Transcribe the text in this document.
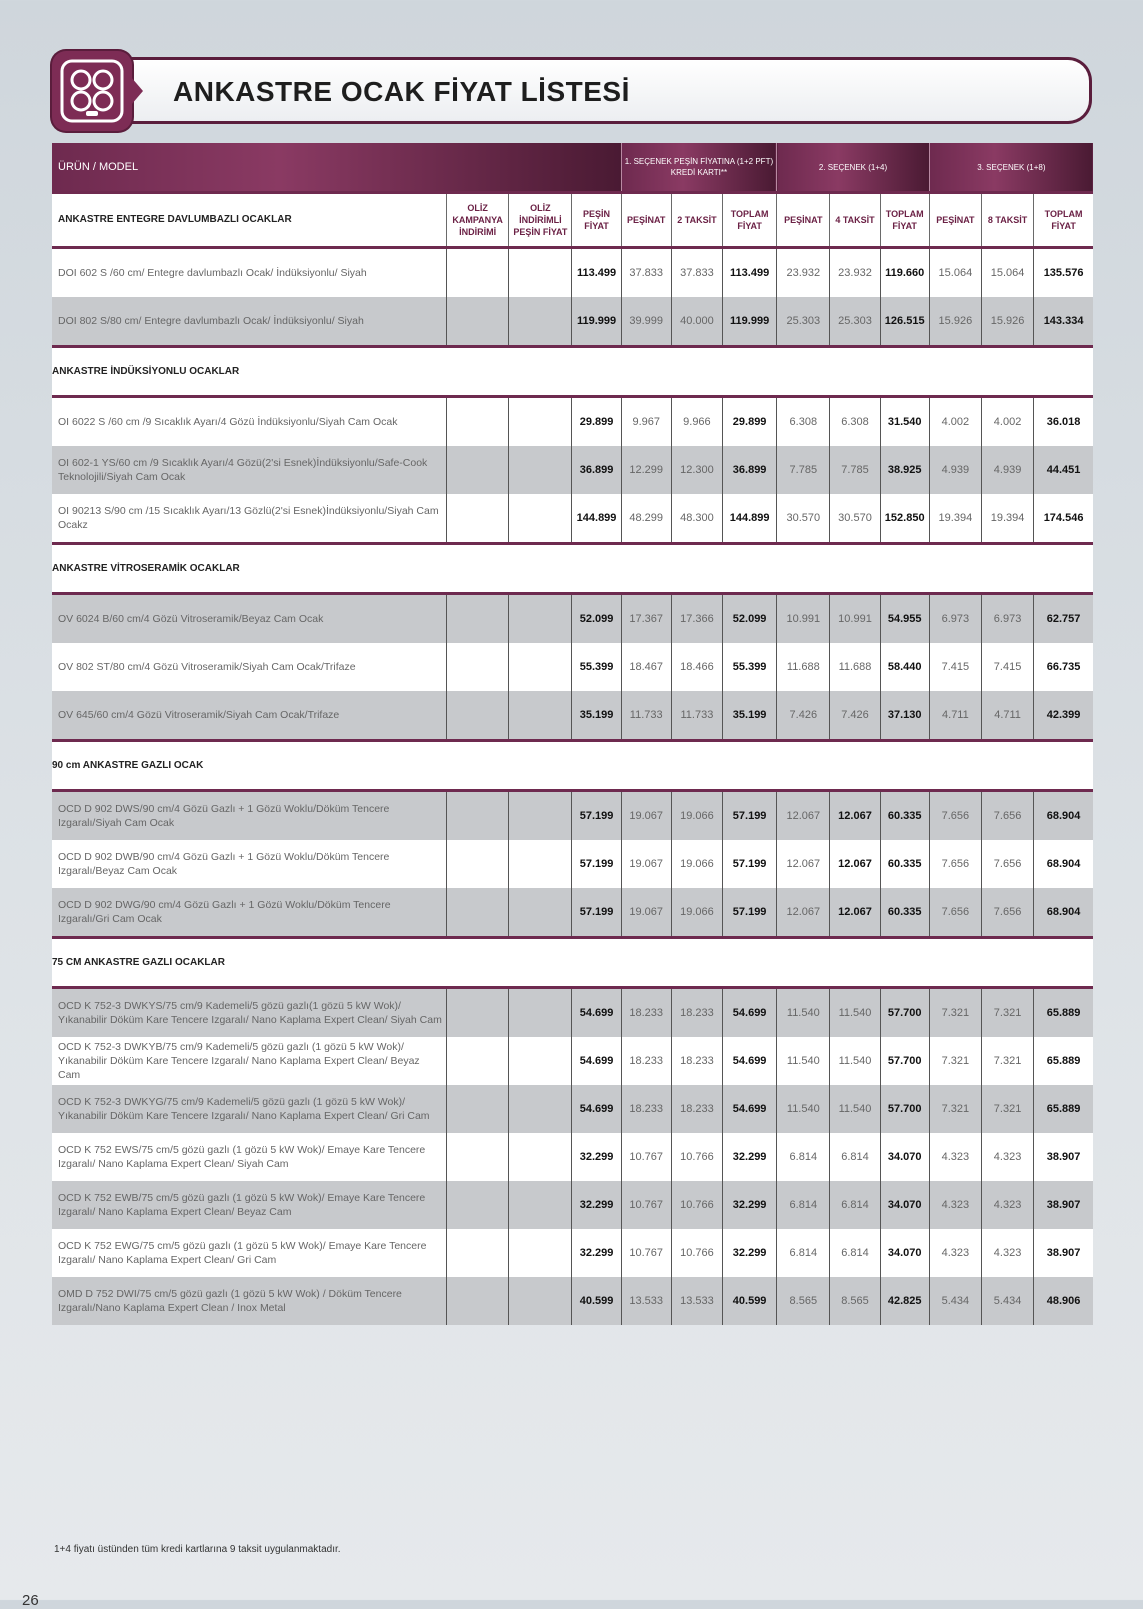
ANKASTRE OCAK FİYAT LİSTESİ
ÜRÜN / MODEL				1. SEÇENEK PEŞİN FİYATINA (1+2 PFT) KREDİ KARTI**			2. SEÇENEK (1+4)			3. SEÇENEK (1+8)		
ANKASTRE ENTEGRE DAVLUMBAZLI OCAKLAR	OLİZ KAMPANYA İNDİRİMİ	OLİZ İNDİRİMLİ PEŞİN FİYAT	PEŞİN FİYAT	PEŞİNAT	2 TAKSİT	TOPLAM FİYAT	PEŞİNAT	4 TAKSİT	TOPLAM FİYAT	PEŞİNAT	8 TAKSİT	TOPLAM FİYAT
DOI 602 S /60 cm/ Entegre davlumbazlı Ocak/ İndüksiyonlu/ Siyah			113.499	37.833	37.833	113.499	23.932	23.932	119.660	15.064	15.064	135.576
DOI 802 S/80 cm/ Entegre davlumbazlı Ocak/ İndüksiyonlu/ Siyah			119.999	39.999	40.000	119.999	25.303	25.303	126.515	15.926	15.926	143.334
ANKASTRE İNDÜKSİYONLU OCAKLAR												
OI 6022 S /60 cm /9 Sıcaklık Ayarı/4 Gözü İndüksiyonlu/Siyah Cam Ocak			29.899	9.967	9.966	29.899	6.308	6.308	31.540	4.002	4.002	36.018
OI 602-1 YS/60 cm /9 Sıcaklık Ayarı/4 Gözü(2'si Esnek)İndüksiyonlu/Safe-Cook Teknolojili/Siyah Cam Ocak			36.899	12.299	12.300	36.899	7.785	7.785	38.925	4.939	4.939	44.451
OI 90213 S/90 cm /15 Sıcaklık Ayarı/13 Gözlü(2'si Esnek)İndüksiyonlu/Siyah Cam Ocakz			144.899	48.299	48.300	144.899	30.570	30.570	152.850	19.394	19.394	174.546
ANKASTRE VİTROSERAMİK OCAKLAR												
OV 6024 B/60 cm/4 Gözü Vitroseramik/Beyaz Cam Ocak			52.099	17.367	17.366	52.099	10.991	10.991	54.955	6.973	6.973	62.757
OV 802 ST/80 cm/4 Gözü Vitroseramik/Siyah Cam Ocak/Trifaze			55.399	18.467	18.466	55.399	11.688	11.688	58.440	7.415	7.415	66.735
OV 645/60 cm/4 Gözü Vitroseramik/Siyah Cam Ocak/Trifaze			35.199	11.733	11.733	35.199	7.426	7.426	37.130	4.711	4.711	42.399
90 cm ANKASTRE GAZLI OCAK												
OCD D 902 DWS/90 cm/4 Gözü Gazlı + 1 Gözü Woklu/Döküm Tencere Izgaralı/Siyah Cam Ocak			57.199	19.067	19.066	57.199	12.067	12.067	60.335	7.656	7.656	68.904
OCD D 902 DWB/90 cm/4 Gözü Gazlı + 1 Gözü Woklu/Döküm Tencere Izgaralı/Beyaz Cam Ocak			57.199	19.067	19.066	57.199	12.067	12.067	60.335	7.656	7.656	68.904
OCD D 902 DWG/90 cm/4 Gözü Gazlı + 1 Gözü Woklu/Döküm Tencere Izgaralı/Gri Cam Ocak			57.199	19.067	19.066	57.199	12.067	12.067	60.335	7.656	7.656	68.904
75 CM ANKASTRE GAZLI OCAKLAR												
OCD K 752-3 DWKYS/75 cm/9 Kademeli/5 gözü gazlı(1 gözü 5 kW Wok)/ Yıkanabilir Döküm Kare Tencere Izgaralı/ Nano Kaplama Expert Clean/ Siyah Cam			54.699	18.233	18.233	54.699	11.540	11.540	57.700	7.321	7.321	65.889
OCD K 752-3 DWKYB/75 cm/9 Kademeli/5 gözü gazlı (1 gözü 5 kW Wok)/ Yıkanabilir Döküm Kare Tencere Izgaralı/ Nano Kaplama Expert Clean/ Beyaz Cam			54.699	18.233	18.233	54.699	11.540	11.540	57.700	7.321	7.321	65.889
OCD K 752-3 DWKYG/75 cm/9 Kademeli/5 gözü gazlı (1 gözü 5 kW Wok)/ Yıkanabilir Döküm Kare Tencere Izgaralı/ Nano Kaplama Expert Clean/ Gri Cam			54.699	18.233	18.233	54.699	11.540	11.540	57.700	7.321	7.321	65.889
OCD K 752 EWS/75 cm/5 gözü gazlı (1 gözü 5 kW Wok)/ Emaye Kare Tencere Izgaralı/ Nano Kaplama Expert Clean/ Siyah Cam			32.299	10.767	10.766	32.299	6.814	6.814	34.070	4.323	4.323	38.907
OCD K 752 EWB/75 cm/5 gözü gazlı (1 gözü 5 kW Wok)/ Emaye Kare Tencere Izgaralı/ Nano Kaplama Expert Clean/ Beyaz Cam			32.299	10.767	10.766	32.299	6.814	6.814	34.070	4.323	4.323	38.907
OCD K 752 EWG/75 cm/5 gözü gazlı (1 gözü 5 kW Wok)/ Emaye Kare Tencere Izgaralı/ Nano Kaplama Expert Clean/ Gri Cam			32.299	10.767	10.766	32.299	6.814	6.814	34.070	4.323	4.323	38.907
OMD D 752 DWI/75 cm/5 gözü gazlı (1 gözü 5 kW Wok) / Döküm Tencere Izgaralı/Nano Kaplama Expert Clean / Inox Metal			40.599	13.533	13.533	40.599	8.565	8.565	42.825	5.434	5.434	48.906
1+4 fiyatı üstünden tüm kredi kartlarına 9 taksit uygulanmaktadır.
26
